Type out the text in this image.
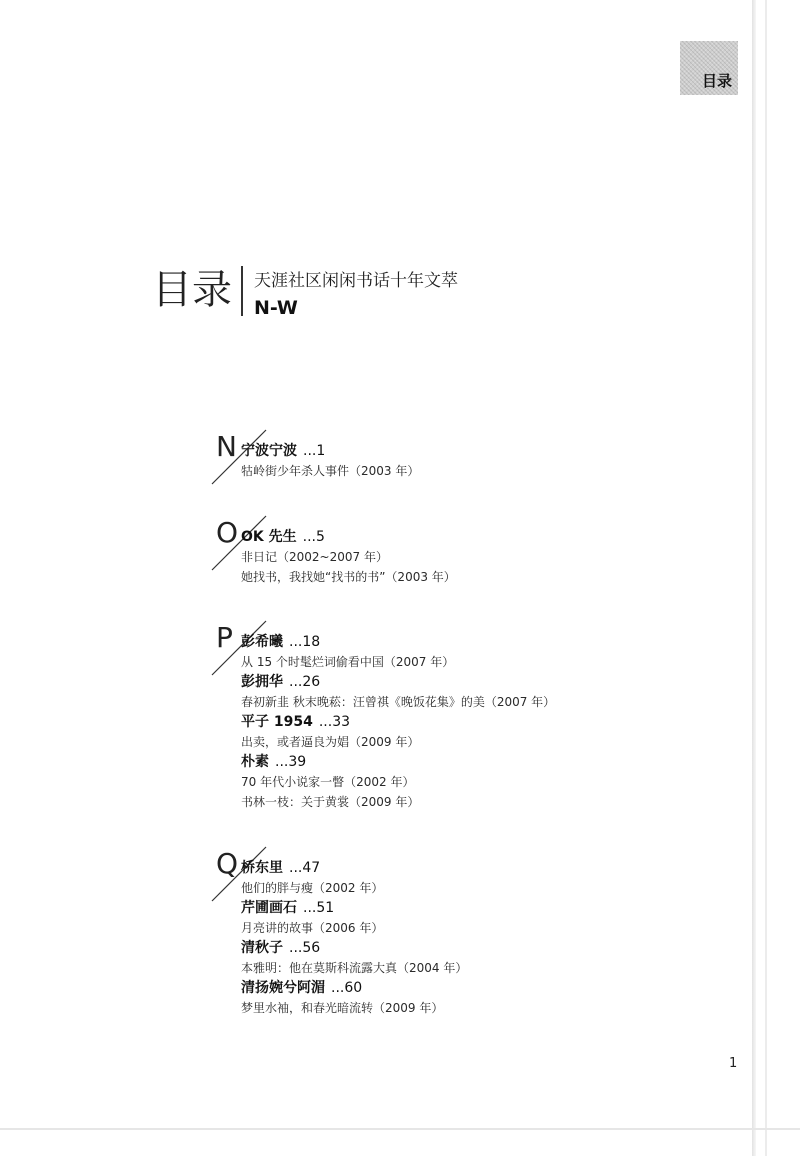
目录
目录 天涯社区闲闲书话十年文萃
N-W
N 宁波宁波 ...1
牯岭街少年杀人事件（2003 年）
O OK 先生 ...5
非日记（2002~2007 年）
她找书，我找她“找书的书”（2003 年）
P 彭希曦 ...18
从 15 个时髦烂词偷看中国（2007 年）
彭拥华 ...26
春初新韭 秋末晚菘：汪曾祺《晚饭花集》的美（2007 年）
平子 1954 ...33
出卖，或者逼良为娼（2009 年）
朴素 ...39
70 年代小说家一瞥（2002 年）
书林一枝：关于黄裳（2009 年）
Q 桥东里 ...47
他们的胖与瘦（2002 年）
芹圃画石 ...51
月亮讲的故事（2006 年）
清秋子 ...56
本雅明：他在莫斯科流露大真（2004 年）
清扬婉兮阿湄 ...60
梦里水袖，和春光暗流转（2009 年）
1
